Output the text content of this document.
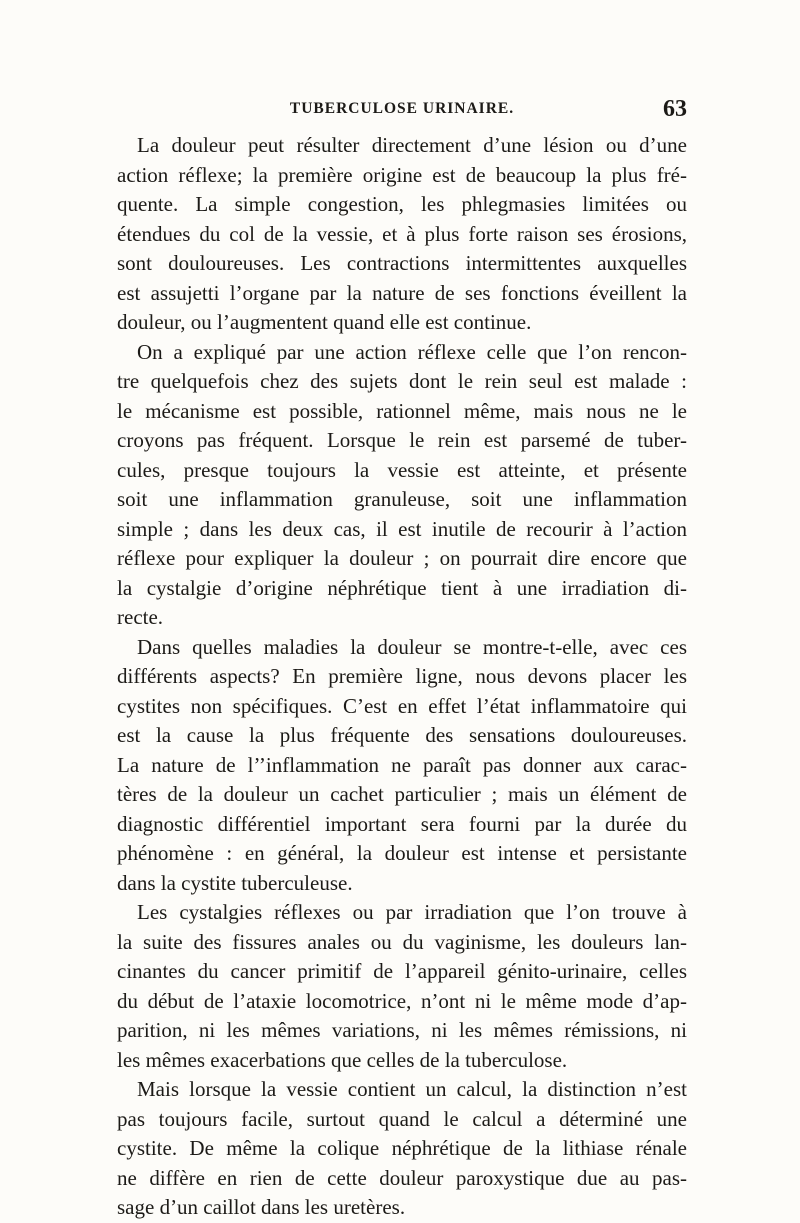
TUBERCULOSE URINAIRE.	63
La douleur peut résulter directement d’une lésion ou d’une
action réflexe; la première origine est de beaucoup la plus fré-
quente. La simple congestion, les phlegmasies limitées ou
étendues du col de la vessie, et à plus forte raison ses érosions,
sont douloureuses. Les contractions intermittentes auxquelles
est assujetti l’organe par la nature de ses fonctions éveillent la
douleur, ou l’augmentent quand elle est continue.
On a expliqué par une action réflexe celle que l’on rencon-
tre quelquefois chez des sujets dont le rein seul est malade :
le mécanisme est possible, rationnel même, mais nous ne le
croyons pas fréquent. Lorsque le rein est parsemé de tuber-
cules, presque toujours la vessie est atteinte, et présente
soit une inflammation granuleuse, soit une inflammation
simple ; dans les deux cas, il est inutile de recourir à l’action
réflexe pour expliquer la douleur ; on pourrait dire encore que
la cystalgie d’origine néphrétique tient à une irradiation di-
recte.
Dans quelles maladies la douleur se montre-t-elle, avec ces
différents aspects? En première ligne, nous devons placer les
cystites non spécifiques. C’est en effet l’état inflammatoire qui
est la cause la plus fréquente des sensations douloureuses.
La nature de l’’inflammation ne paraît pas donner aux carac-
tères de la douleur un cachet particulier ; mais un élément de
diagnostic différentiel important sera fourni par la durée du
phénomène : en général, la douleur est intense et persistante
dans la cystite tuberculeuse.
Les cystalgies réflexes ou par irradiation que l’on trouve à
la suite des fissures anales ou du vaginisme, les douleurs lan-
cinantes du cancer primitif de l’appareil génito-urinaire, celles
du début de l’ataxie locomotrice, n’ont ni le même mode d’ap-
parition, ni les mêmes variations, ni les mêmes rémissions, ni
les mêmes exacerbations que celles de la tuberculose.
Mais lorsque la vessie contient un calcul, la distinction n’est
pas toujours facile, surtout quand le calcul a déterminé une
cystite. De même la colique néphrétique de la lithiase rénale
ne diffère en rien de cette douleur paroxystique due au pas-
sage d’un caillot dans les uretères.
